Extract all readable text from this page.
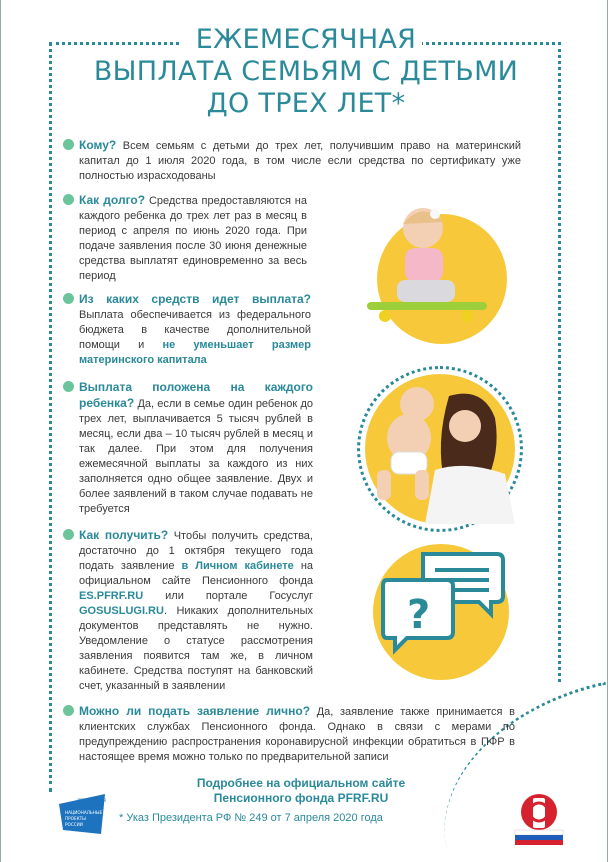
ЕЖЕМЕСЯЧНАЯ
ВЫПЛАТА СЕМЬЯМ С ДЕТЬМИ
ДО ТРЕХ ЛЕТ*
Кому? Всем семьям с детьми до трех лет, получившим право на материнский капитал до 1 июля 2020 года, в том числе если средства по сертификату уже полностью израсходованы
Как долго? Средства предоставляются на каждого ребенка до трех лет раз в месяц в период с апреля по июнь 2020 года. При подаче заявления после 30 июня денежные средства выплатят единовременно за весь период
Из каких средств идет выплата? Выплата обеспечивается из федерального бюджета в качестве дополнительной помощи и не уменьшает размер материнского капитала
Выплата положена на каждого ребенка? Да, если в семье один ребенок до трех лет, выплачивается 5 тысяч рублей в месяц, если два – 10 тысяч рублей в месяц и так далее. При этом для получения ежемесячной выплаты за каждого из них заполняется одно общее заявление. Двух и более заявлений в таком случае подавать не требуется
Как получить? Чтобы получить средства, достаточно до 1 октября текущего года подать заявление в Личном кабинете на официальном сайте Пенсионного фонда ES.PFRF.RU или портале Госуслуг GOSUSLUGI.RU. Никаких дополнительных документов представлять не нужно. Уведомление о статусе рассмотрения заявления появится там же, в личном кабинете. Средства поступят на банковский счет, указанный в заявлении
Можно ли подать заявление лично? Да, заявление также принимается в клиентских службах Пенсионного фонда. Однако в связи с мерами по предупреждению распространения коронавирусной инфекции обратиться в ПФР в настоящее время можно только по предварительной записи
?
Подробнее на официальном сайте
Пенсионного фонда PFRF.RU
* Указ Президента РФ № 249 от 7 апреля 2020 года
ДЕМОГРАФИЯ
НАЦИОНАЛЬНЫЕ
ПРОЕКТЫ
РОССИИ
